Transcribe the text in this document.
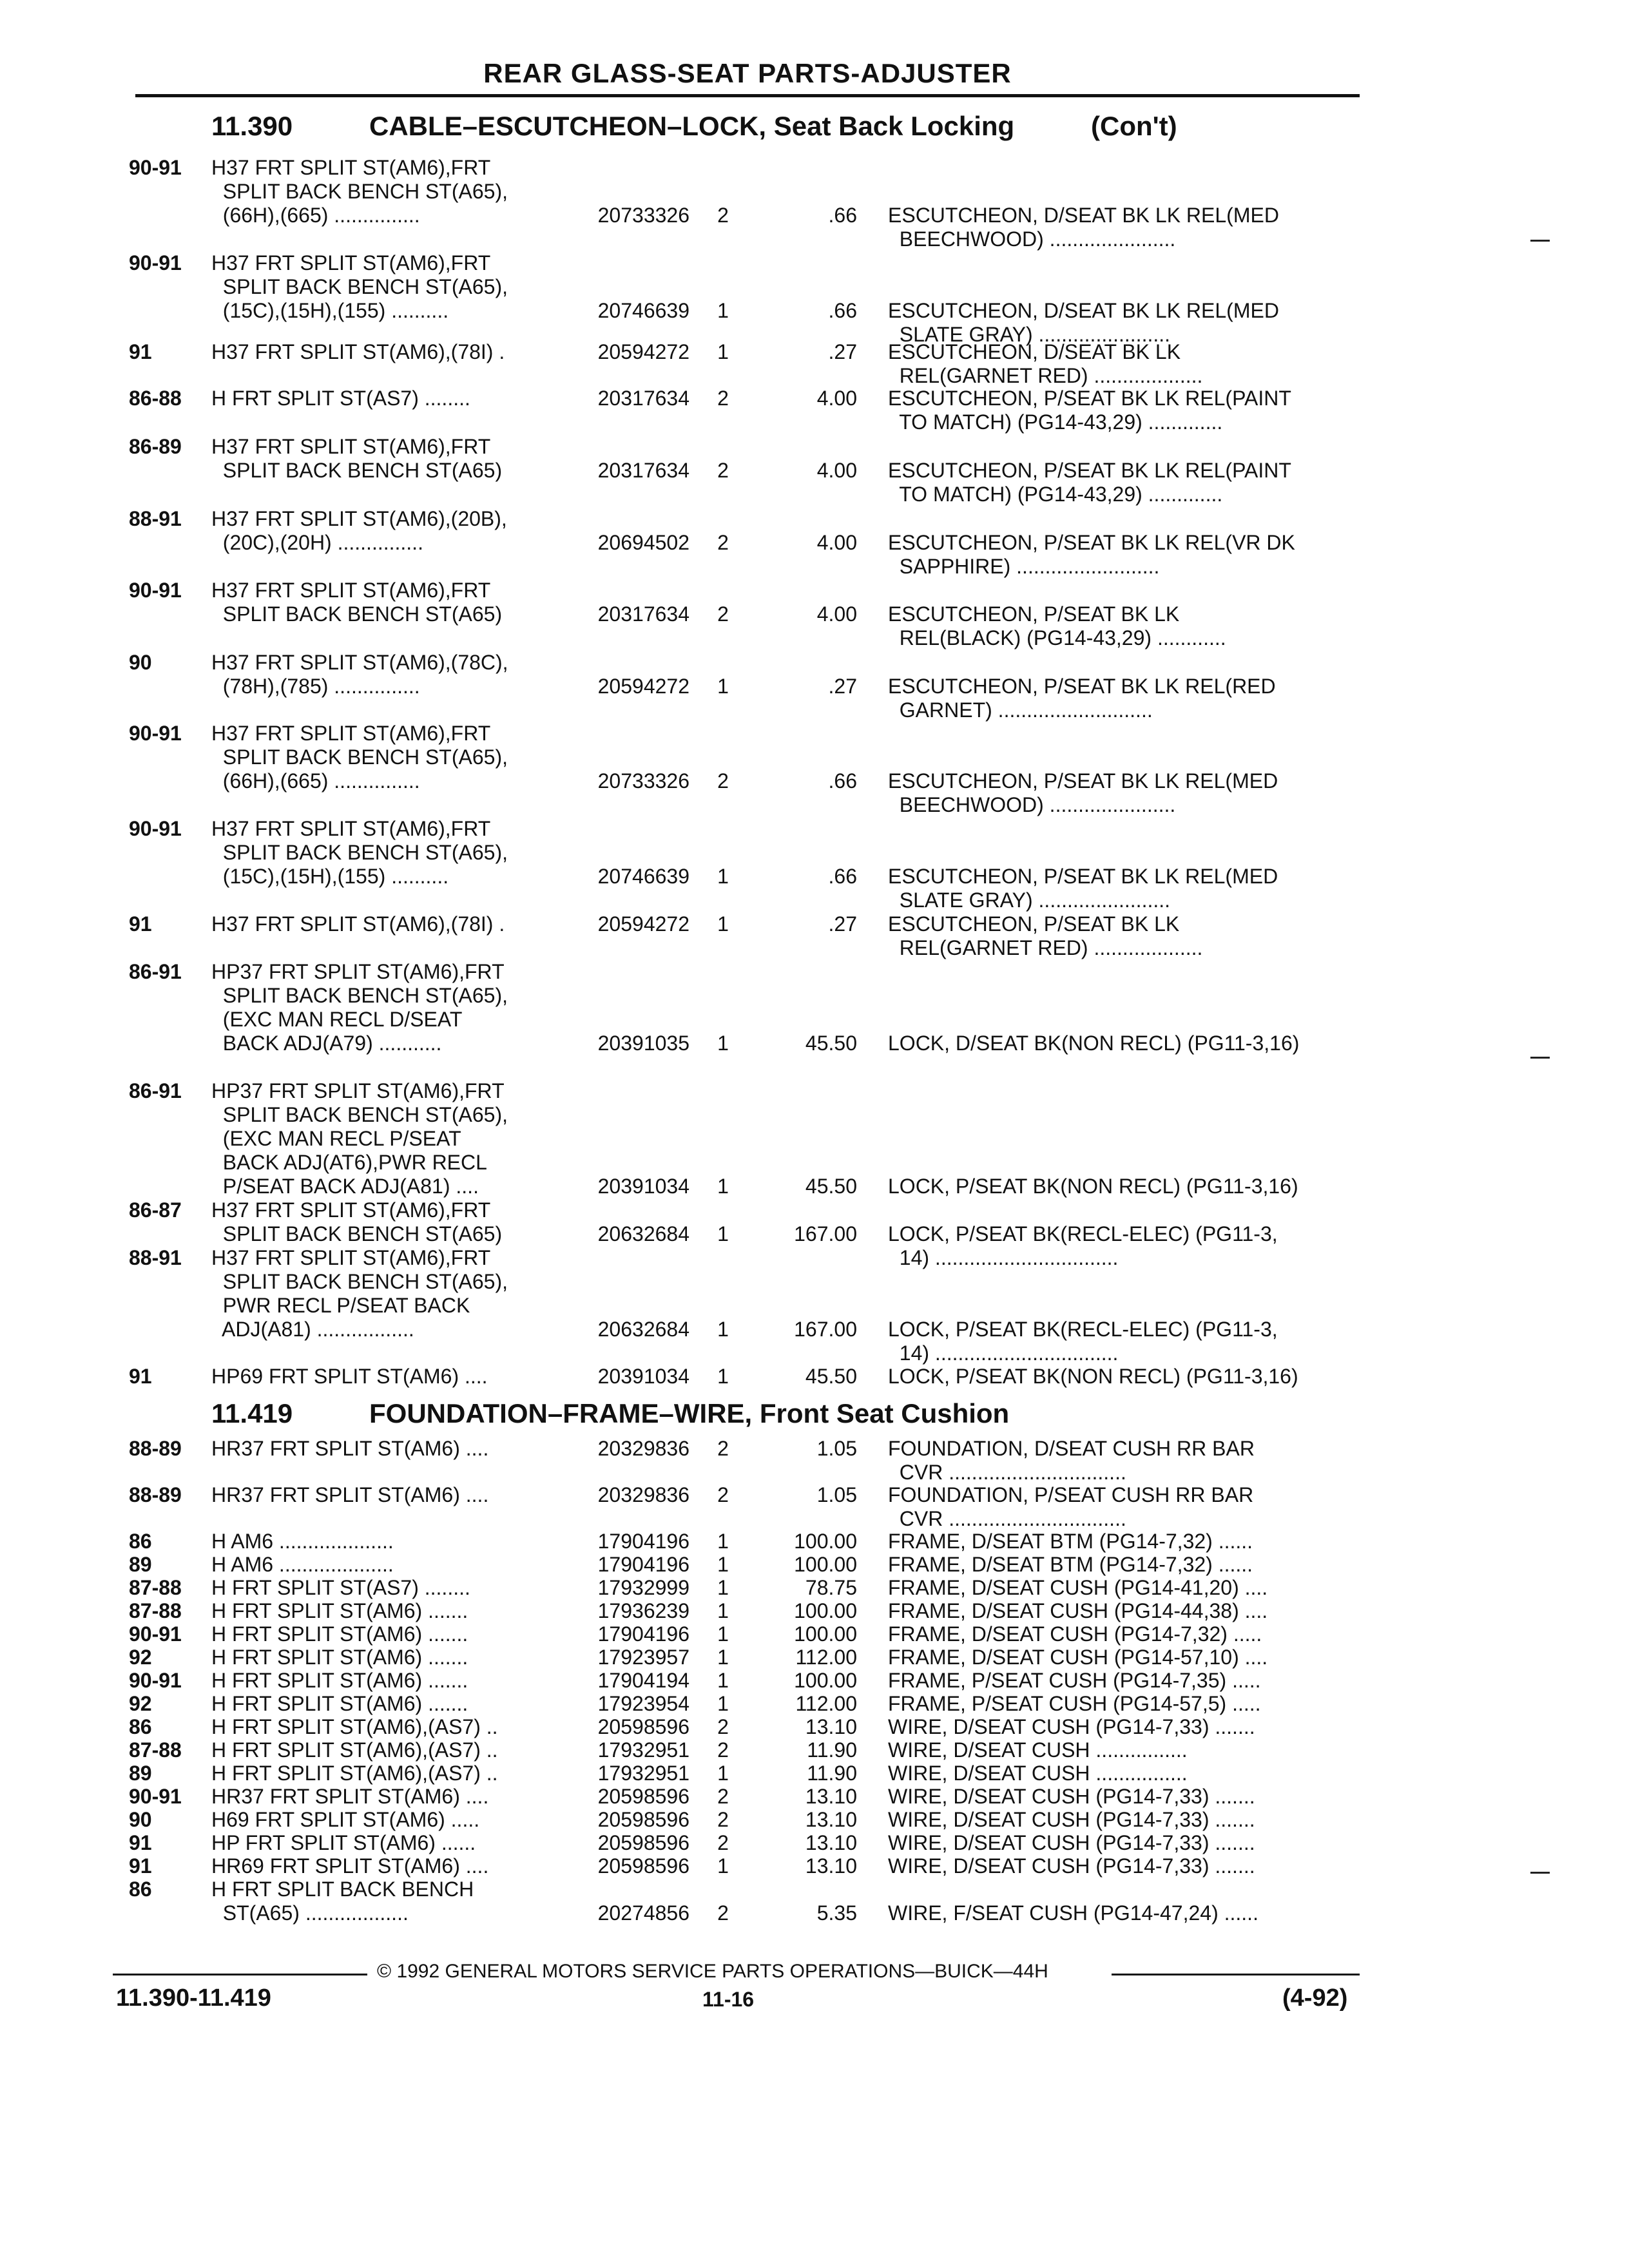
REAR GLASS-SEAT PARTS-ADJUSTER
11.390	CABLE–ESCUTCHEON–LOCK, Seat Back Locking	(Con't)
11.419	FOUNDATION–FRAME–WIRE, Front Seat Cushion
90-91 H37 FRT SPLIT ST(AM6),FRT
SPLIT BACK BENCH ST(A65),
(66H),(665) ...............	20733326 2	.66 ESCUTCHEON, D/SEAT BK LK REL(MED
BEECHWOOD) ......................
90-91 H37 FRT SPLIT ST(AM6),FRT
SPLIT BACK BENCH ST(A65),
(15C),(15H),(155) ..........	20746639 1	.66 ESCUTCHEON, D/SEAT BK LK REL(MED
SLATE GRAY) .......................
91	H37 FRT SPLIT ST(AM6),(78I) .	20594272 1	.27 ESCUTCHEON, D/SEAT BK LK
REL(GARNET RED) ...................
86-88 H FRT SPLIT ST(AS7) ........	20317634 2	4.00 ESCUTCHEON, P/SEAT BK LK REL(PAINT
TO MATCH) (PG14-43,29) .............
86-89 H37 FRT SPLIT ST(AM6),FRT
SPLIT BACK BENCH ST(A65)	20317634 2	4.00 ESCUTCHEON, P/SEAT BK LK REL(PAINT
TO MATCH) (PG14-43,29) .............
88-91 H37 FRT SPLIT ST(AM6),(20B),
(20C),(20H) ...............	20694502 2	4.00 ESCUTCHEON, P/SEAT BK LK REL(VR DK
SAPPHIRE) .........................
90-91 H37 FRT SPLIT ST(AM6),FRT
SPLIT BACK BENCH ST(A65)	20317634 2	4.00 ESCUTCHEON, P/SEAT BK LK
REL(BLACK) (PG14-43,29) ............
90	H37 FRT SPLIT ST(AM6),(78C),
(78H),(785) ...............	20594272 1	.27 ESCUTCHEON, P/SEAT BK LK REL(RED
GARNET) ...........................
90-91 H37 FRT SPLIT ST(AM6),FRT
SPLIT BACK BENCH ST(A65),
(66H),(665) ...............	20733326 2	.66 ESCUTCHEON, P/SEAT BK LK REL(MED
BEECHWOOD) ......................
90-91 H37 FRT SPLIT ST(AM6),FRT
SPLIT BACK BENCH ST(A65),
(15C),(15H),(155) ..........	20746639 1	.66 ESCUTCHEON, P/SEAT BK LK REL(MED
SLATE GRAY) .......................
91	H37 FRT SPLIT ST(AM6),(78I) .	20594272 1	.27 ESCUTCHEON, P/SEAT BK LK
REL(GARNET RED) ...................
86-91 HP37 FRT SPLIT ST(AM6),FRT
SPLIT BACK BENCH ST(A65),
(EXC MAN RECL D/SEAT
BACK ADJ(A79) ...........	20391035 1	45.50 LOCK, D/SEAT BK(NON RECL) (PG11-3,16)
86-91 HP37 FRT SPLIT ST(AM6),FRT
SPLIT BACK BENCH ST(A65),
(EXC MAN RECL P/SEAT
BACK ADJ(AT6),PWR RECL
P/SEAT BACK ADJ(A81) ....	20391034 1	45.50 LOCK, P/SEAT BK(NON RECL) (PG11-3,16)
86-87 H37 FRT SPLIT ST(AM6),FRT
SPLIT BACK BENCH ST(A65)	20632684 1	167.00 LOCK, P/SEAT BK(RECL-ELEC) (PG11-3,
14) ................................
88-91 H37 FRT SPLIT ST(AM6),FRT
SPLIT BACK BENCH ST(A65),
PWR RECL P/SEAT BACK
ADJ(A81) .................	20632684 1	167.00 LOCK, P/SEAT BK(RECL-ELEC) (PG11-3,
14) ................................
91	HP69 FRT SPLIT ST(AM6) ....	20391034 1	45.50 LOCK, P/SEAT BK(NON RECL) (PG11-3,16)
88-89 HR37 FRT SPLIT ST(AM6) ....	20329836 2	1.05 FOUNDATION, D/SEAT CUSH RR BAR
CVR ...............................
88-89 HR37 FRT SPLIT ST(AM6) ....	20329836 2	1.05 FOUNDATION, P/SEAT CUSH RR BAR
CVR ...............................
86	H AM6 ....................	17904196 1	100.00 FRAME, D/SEAT BTM (PG14-7,32) ......
89	H AM6 ....................	17904196 1	100.00 FRAME, D/SEAT BTM (PG14-7,32) ......
87-88 H FRT SPLIT ST(AS7) ........	17932999 1	78.75 FRAME, D/SEAT CUSH (PG14-41,20) ....
87-88 H FRT SPLIT ST(AM6) .......	17936239 1	100.00 FRAME, D/SEAT CUSH (PG14-44,38) ....
90-91 H FRT SPLIT ST(AM6) .......	17904196 1	100.00 FRAME, D/SEAT CUSH (PG14-7,32) .....
92	H FRT SPLIT ST(AM6) .......	17923957 1	112.00 FRAME, D/SEAT CUSH (PG14-57,10) ....
90-91 H FRT SPLIT ST(AM6) .......	17904194 1	100.00 FRAME, P/SEAT CUSH (PG14-7,35) .....
92	H FRT SPLIT ST(AM6) .......	17923954 1	112.00 FRAME, P/SEAT CUSH (PG14-57,5) .....
86	H FRT SPLIT ST(AM6),(AS7) ..	20598596 2	13.10 WIRE, D/SEAT CUSH (PG14-7,33) .......
87-88 H FRT SPLIT ST(AM6),(AS7) ..	17932951 2	11.90 WIRE, D/SEAT CUSH ................
89	H FRT SPLIT ST(AM6),(AS7) ..	17932951 1	11.90 WIRE, D/SEAT CUSH ................
90-91 HR37 FRT SPLIT ST(AM6) ....	20598596 2	13.10 WIRE, D/SEAT CUSH (PG14-7,33) .......
90	H69 FRT SPLIT ST(AM6) .....	20598596 2	13.10 WIRE, D/SEAT CUSH (PG14-7,33) .......
91	HP FRT SPLIT ST(AM6) ......	20598596 2	13.10 WIRE, D/SEAT CUSH (PG14-7,33) .......
91	HR69 FRT SPLIT ST(AM6) ....	20598596 1	13.10 WIRE, D/SEAT CUSH (PG14-7,33) .......
86	H FRT SPLIT BACK BENCH
ST(A65) ..................	20274856 2	5.35 WIRE, F/SEAT CUSH (PG14-47,24) ......
© 1992 GENERAL MOTORS SERVICE PARTS OPERATIONS—BUICK—44H
11.390-11.419	11-16	(4-92)
